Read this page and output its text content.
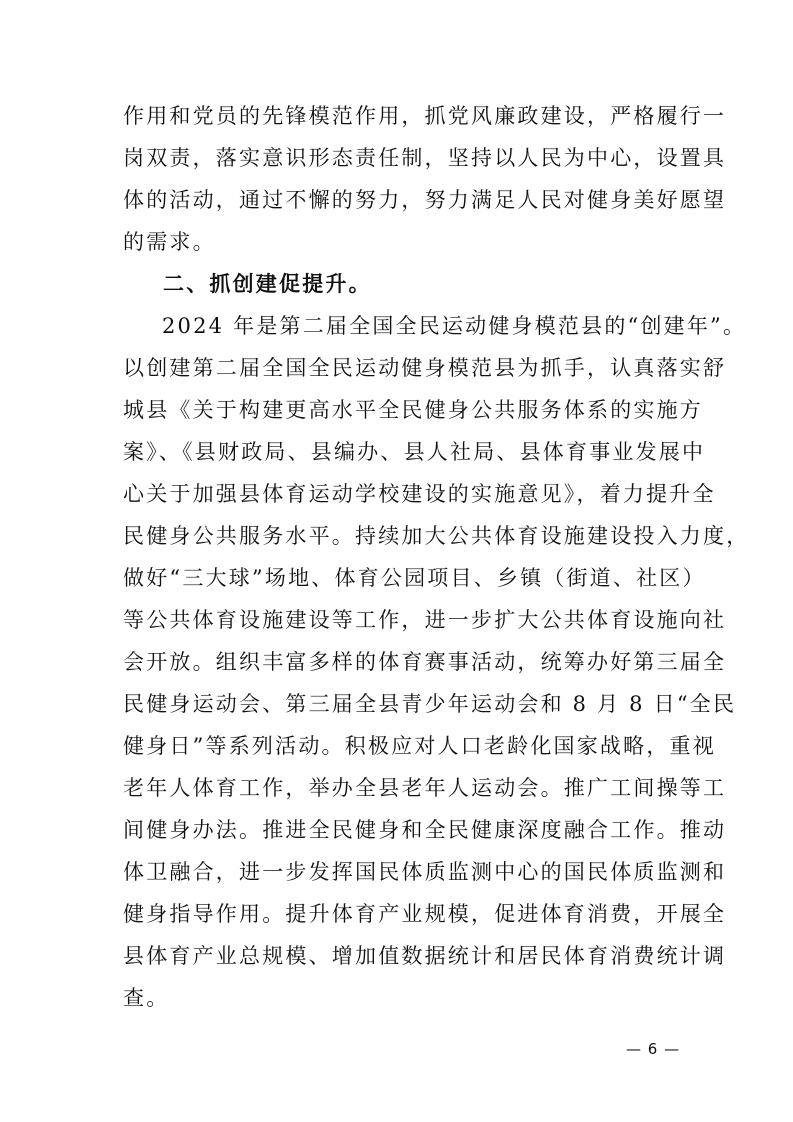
作用和党员的先锋模范作用，抓党风廉政建设，严格履行一
岗双责，落实意识形态责任制，坚持以人民为中心，设置具
体的活动，通过不懈的努力，努力满足人民对健身美好愿望
的需求。
二、抓创建促提升。
2024 年是第二届全国全民运动健身模范县的“创建年”。
以创建第二届全国全民运动健身模范县为抓手，认真落实舒
城县《关于构建更高水平全民健身公共服务体系的实施方
案》、《县财政局、县编办、县人社局、县体育事业发展中
心关于加强县体育运动学校建设的实施意见》，着力提升全
民健身公共服务水平。持续加大公共体育设施建设投入力度，
做好“三大球”场地、体育公园项目、乡镇（街道、社区）
等公共体育设施建设等工作，进一步扩大公共体育设施向社
会开放。组织丰富多样的体育赛事活动，统筹办好第三届全
民健身运动会、第三届全县青少年运动会和 8 月 8 日“全民
健身日”等系列活动。积极应对人口老龄化国家战略，重视
老年人体育工作，举办全县老年人运动会。推广工间操等工
间健身办法。推进全民健身和全民健康深度融合工作。推动
体卫融合，进一步发挥国民体质监测中心的国民体质监测和
健身指导作用。提升体育产业规模，促进体育消费，开展全
县体育产业总规模、增加值数据统计和居民体育消费统计调
查。
— 6 —
